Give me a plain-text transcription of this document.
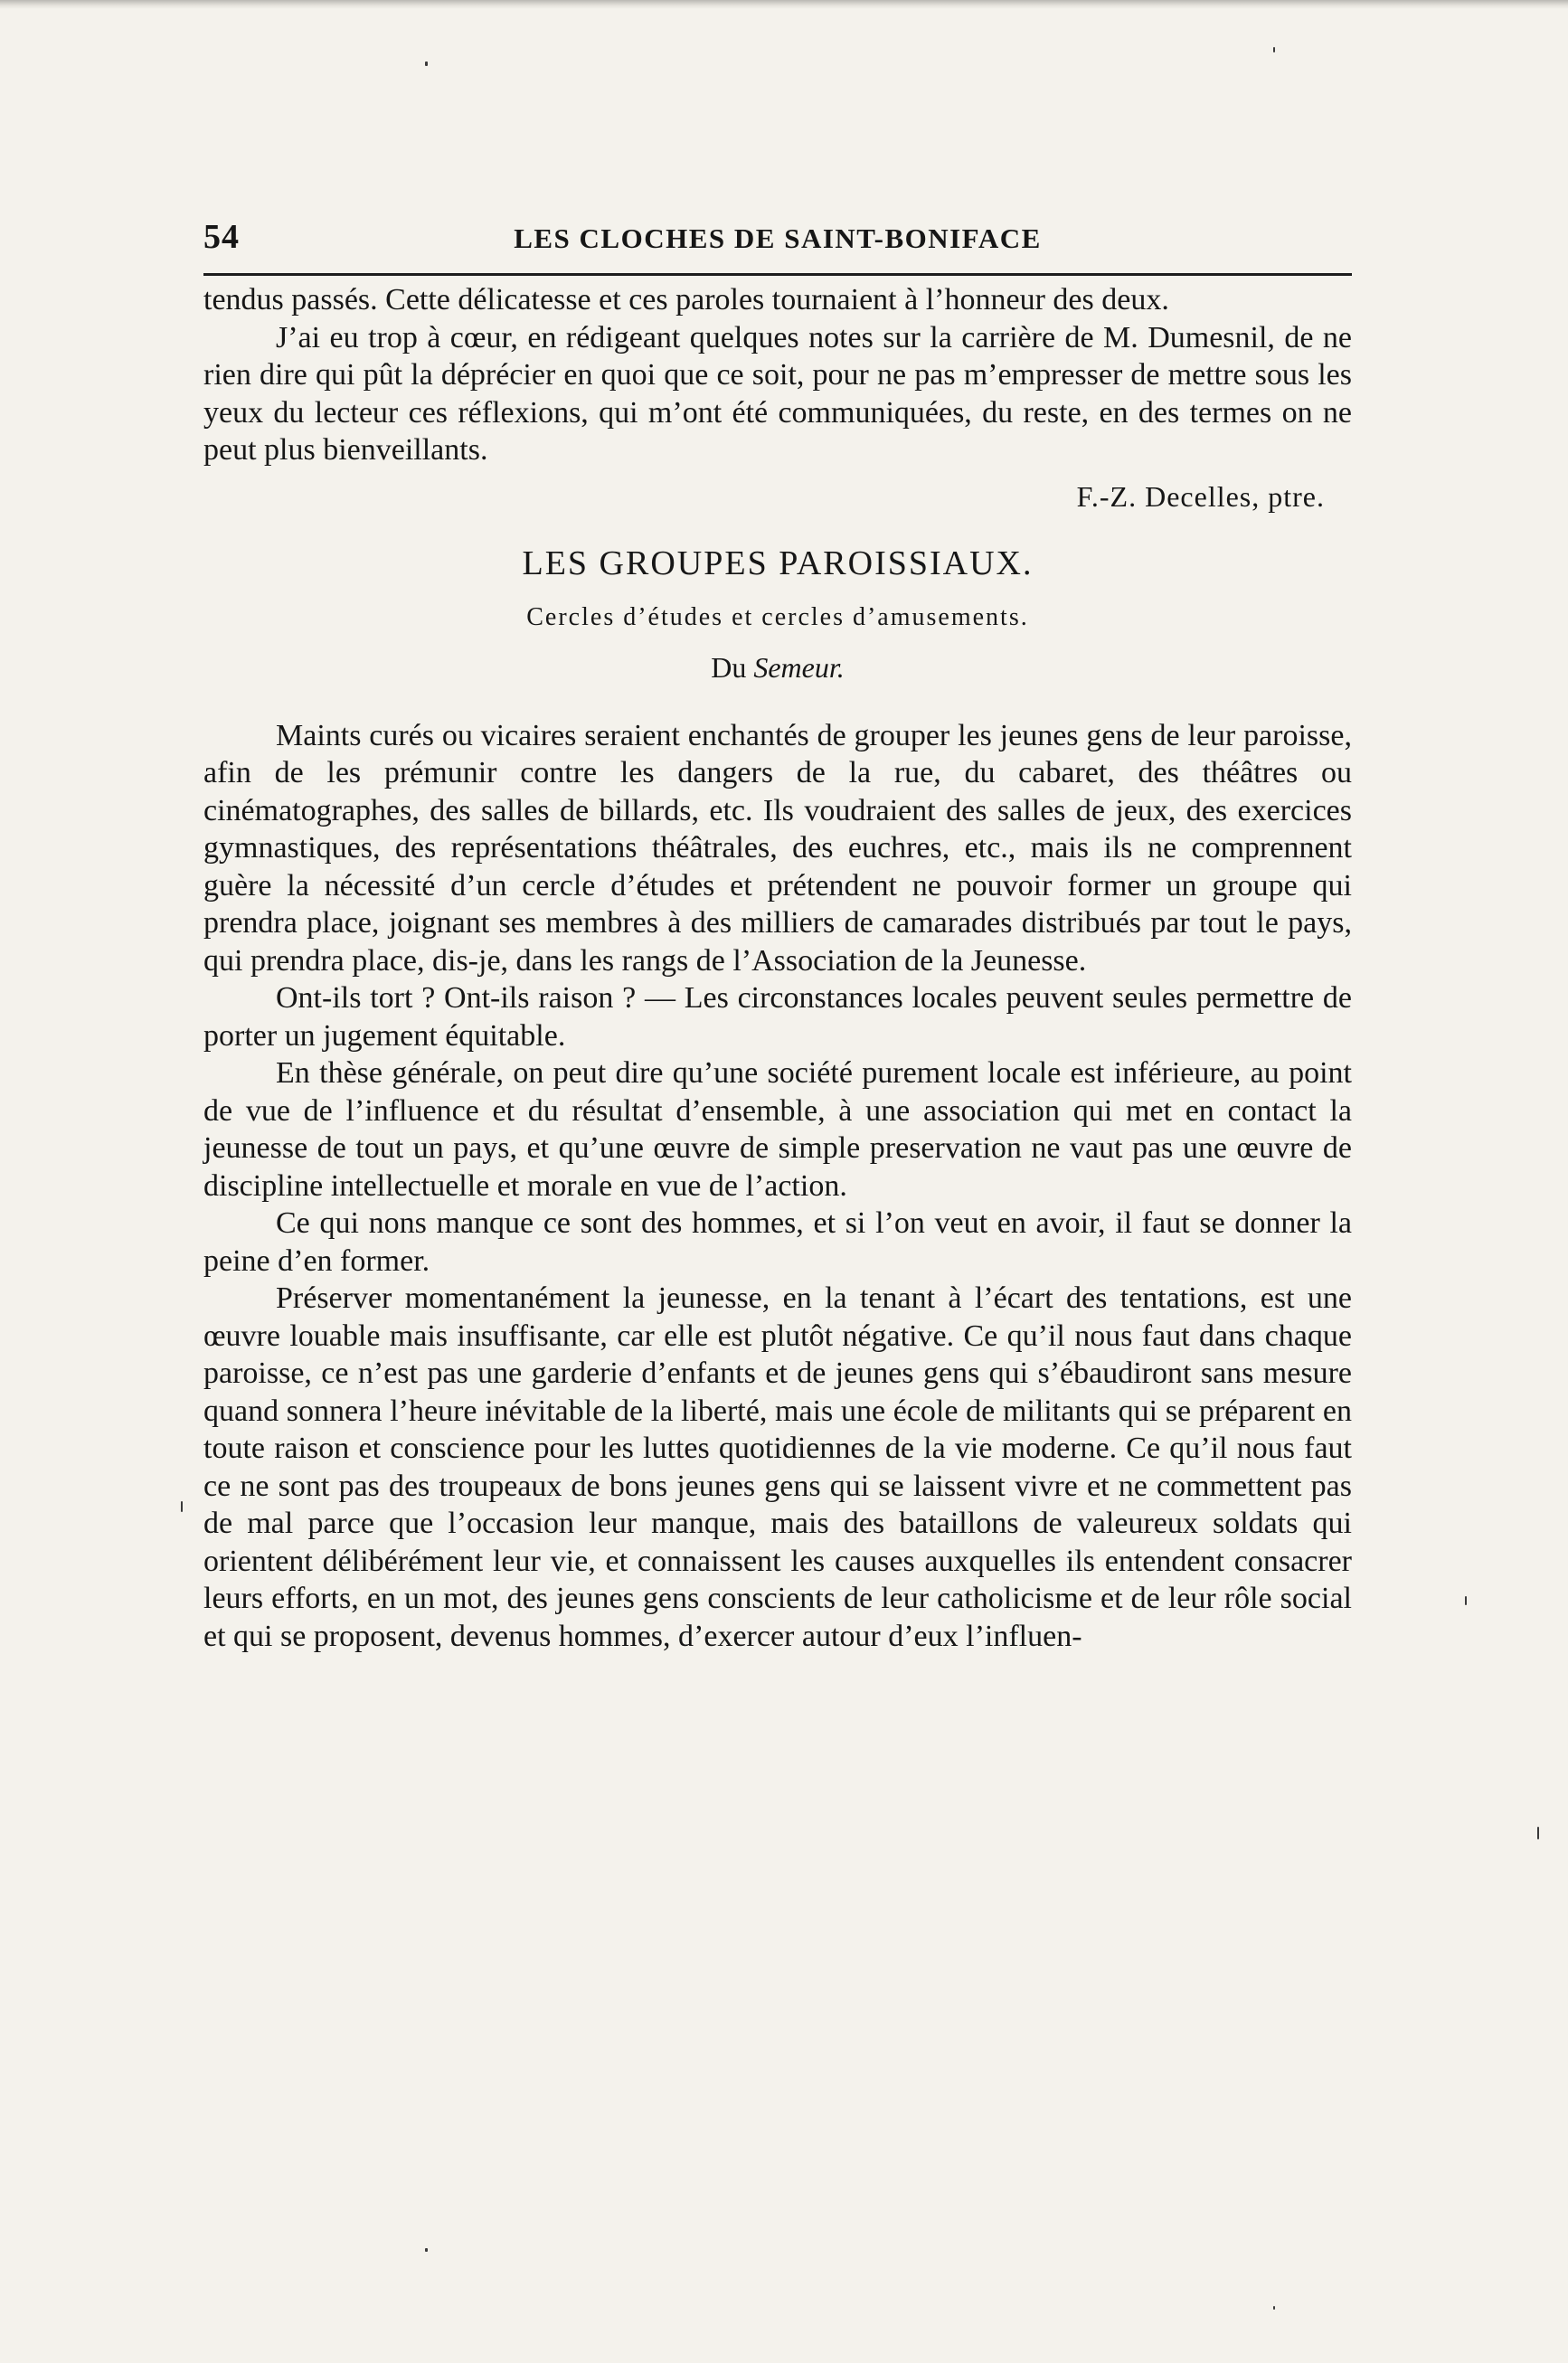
54	LES CLOCHES DE SAINT-BONIFACE

tendus passés. Cette délicatesse et ces paroles tournaient à l’honneur des deux.

J’ai eu trop à cœur, en rédigeant quelques notes sur la carrière de M. Dumesnil, de ne rien dire qui pût la déprécier en quoi que ce soit, pour ne pas m’empresser de mettre sous les yeux du lecteur ces réflexions, qui m’ont été communiquées, du reste, en des termes on ne peut plus bienveillants.

F.-Z. Decelles, ptre.
LES GROUPES PAROISSIAUX.
Cercles d’études et cercles d’amusements.
Du Semeur.

Maints curés ou vicaires seraient enchantés de grouper les jeunes gens de leur paroisse, afin de les prémunir contre les dangers de la rue, du cabaret, des théâtres ou cinématographes, des salles de billards, etc. Ils voudraient des salles de jeux, des exercices gymnastiques, des représentations théâtrales, des euchres, etc., mais ils ne comprennent guère la nécessité d’un cercle d’études et prétendent ne pouvoir former un groupe qui prendra place, joignant ses membres à des milliers de camarades distribués par tout le pays, qui prendra place, dis-je, dans les rangs de l’Association de la Jeunesse.

Ont-ils tort ? Ont-ils raison ? — Les circonstances locales peuvent seules permettre de porter un jugement équitable.

En thèse générale, on peut dire qu’une société purement locale est inférieure, au point de vue de l’influence et du résultat d’ensemble, à une association qui met en contact la jeunesse de tout un pays, et qu’une œuvre de simple preservation ne vaut pas une œuvre de discipline intellectuelle et morale en vue de l’action.

Ce qui nons manque ce sont des hommes, et si l’on veut en avoir, il faut se donner la peine d’en former.

Préserver momentanément la jeunesse, en la tenant à l’écart des tentations, est une œuvre louable mais insuffisante, car elle est plutôt négative. Ce qu’il nous faut dans chaque paroisse, ce n’est pas une garderie d’enfants et de jeunes gens qui s’ébaudiront sans mesure quand sonnera l’heure inévitable de la liberté, mais une école de militants qui se préparent en toute raison et conscience pour les luttes quotidiennes de la vie moderne. Ce qu’il nous faut ce ne sont pas des troupeaux de bons jeunes gens qui se laissent vivre et ne commettent pas de mal parce que l’occasion leur manque, mais des bataillons de valeureux soldats qui orientent délibérément leur vie, et connaissent les causes auxquelles ils entendent consacrer leurs efforts, en un mot, des jeunes gens conscients de leur catholicisme et de leur rôle social et qui se proposent, devenus hommes, d’exercer autour d’eux l’influen-
